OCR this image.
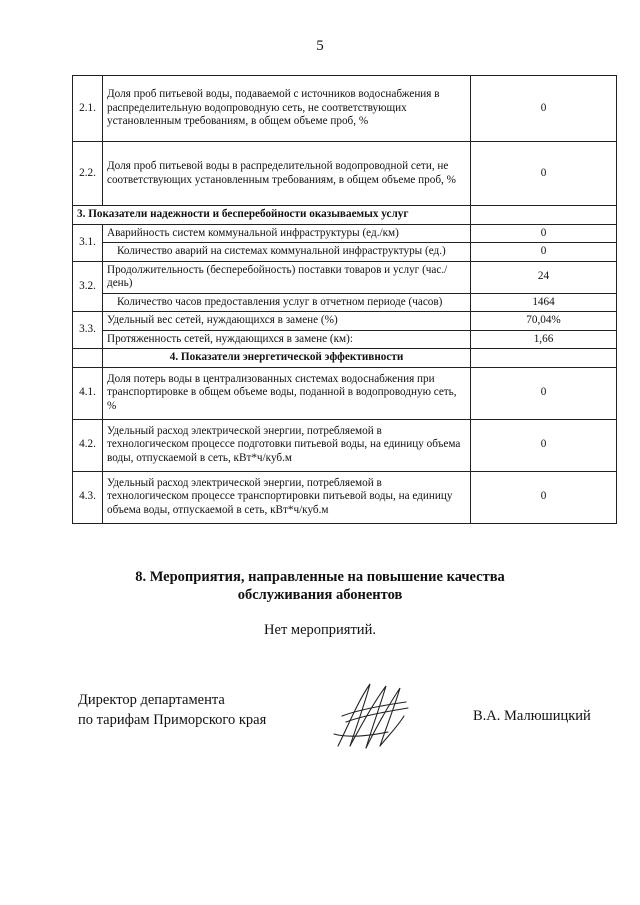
5
2.1.	Доля проб питьевой воды, подаваемой с источников водоснабжения в распределительную водопроводную сеть, не соответствующих установленным требованиям, в общем объеме проб, %	0
2.2.	Доля проб питьевой воды в распределительной водопроводной сети, не соответствующих установленным требованиям, в общем объеме проб, %	0
3. Показатели надежности и бесперебойности оказываемых услуг		
3.1.	Аварийность систем коммунальной инфраструктуры (ед./км)	0
	Количество аварий на системах коммунальной инфраструктуры (ед.)	0
3.2.	Продолжительность (бесперебойность) поставки товаров и услуг (час./день)	24
	Количество часов предоставления услуг в отчетном периоде (часов)	1464
3.3.	Удельный вес сетей, нуждающихся в замене (%)	70,04%
	Протяженность сетей, нуждающихся в замене (км):	1,66
	4. Показатели энергетической эффективности	
4.1.	Доля потерь воды в централизованных системах водоснабжения при транспортировке в общем объеме воды, поданной в водопроводную сеть, %	0
4.2.	Удельный расход электрической энергии, потребляемой в технологическом процессе подготовки питьевой воды, на единицу объема воды, отпускаемой в сеть, кВт*ч/куб.м	0
4.3.	Удельный расход электрической энергии, потребляемой в технологическом процессе транспортировки питьевой воды, на единицу объема воды, отпускаемой в сеть, кВт*ч/куб.м	0
8. Мероприятия, направленные на повышение качества
обслуживания абонентов
Нет мероприятий.
Директор департамента
по тарифам Приморского края	В.А. Малюшицкий
